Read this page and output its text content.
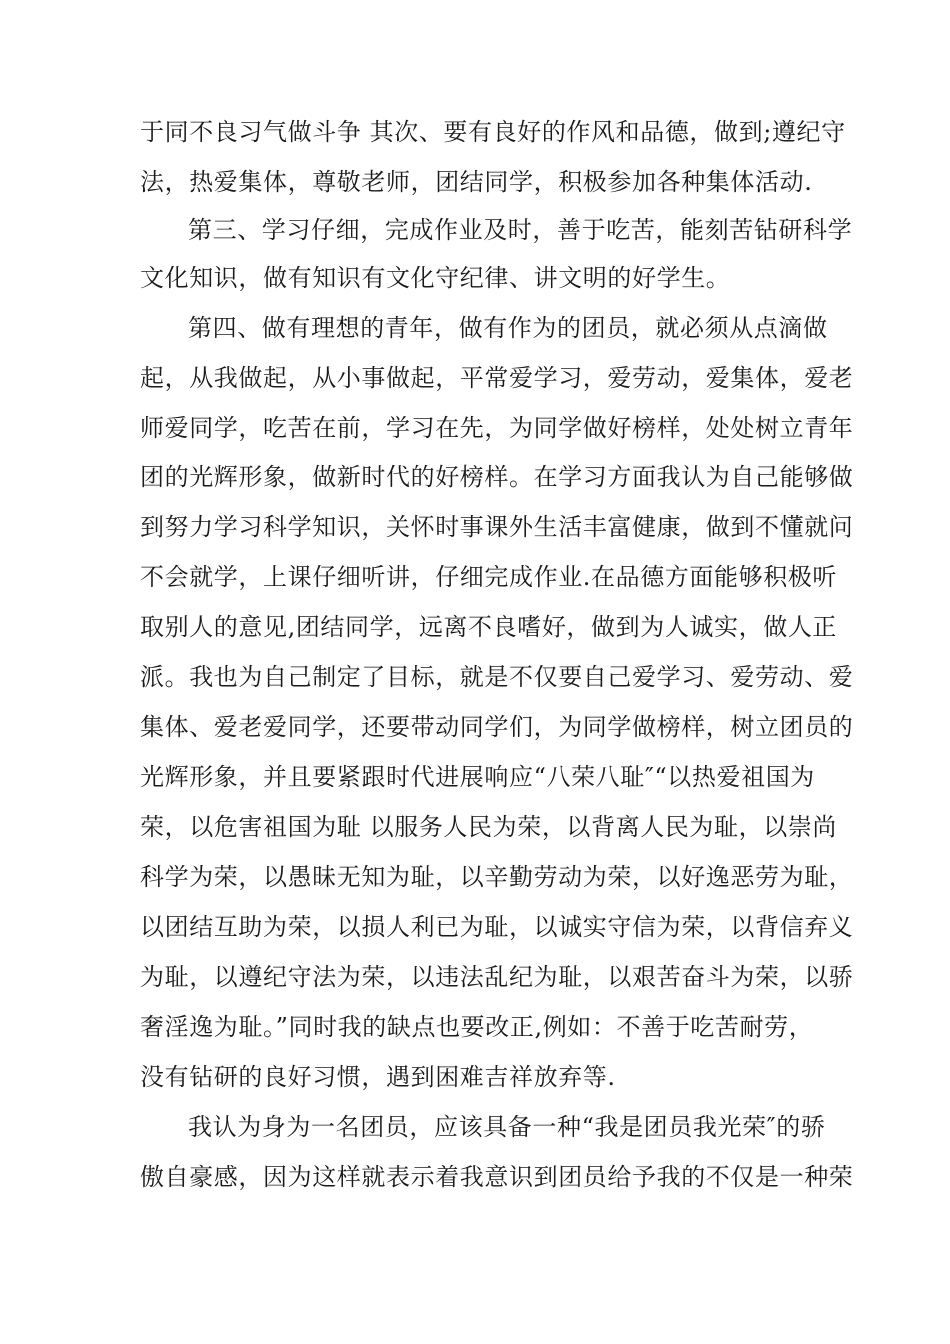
于同不良习气做斗争 其次、要有良好的作风和品德，做到;遵纪守
法，热爱集体，尊敬老师，团结同学，积极参加各种集体活动.
第三、学习仔细，完成作业及时，善于吃苦，能刻苦钻研科学
文化知识，做有知识有文化守纪律、讲文明的好学生。
第四、做有理想的青年，做有作为的团员，就必须从点滴做
起，从我做起，从小事做起，平常爱学习，爱劳动，爱集体，爱老
师爱同学，吃苦在前，学习在先，为同学做好榜样，处处树立青年
团的光辉形象，做新时代的好榜样。在学习方面我认为自己能够做
到努力学习科学知识，关怀时事课外生活丰富健康，做到不懂就问
不会就学，上课仔细听讲，仔细完成作业.在品德方面能够积极听
取别人的意见,团结同学，远离不良嗜好，做到为人诚实，做人正
派。我也为自己制定了目标，就是不仅要自己爱学习、爱劳动、爱
集体、爱老爱同学，还要带动同学们，为同学做榜样，树立团员的
光辉形象，并且要紧跟时代进展响应“八荣八耻″“以热爱祖国为
荣，以危害祖国为耻 以服务人民为荣，以背离人民为耻，以崇尚
科学为荣，以愚昧无知为耻，以辛勤劳动为荣，以好逸恶劳为耻，
以团结互助为荣，以损人利已为耻，以诚实守信为荣，以背信弃义
为耻，以遵纪守法为荣，以违法乱纪为耻，以艰苦奋斗为荣，以骄
奢淫逸为耻。”同时我的缺点也要改正,例如：不善于吃苦耐劳，
没有钻研的良好习惯，遇到困难吉祥放弃等.
我认为身为一名团员，应该具备一种“我是团员我光荣″的骄
傲自豪感，因为这样就表示着我意识到团员给予我的不仅是一种荣
